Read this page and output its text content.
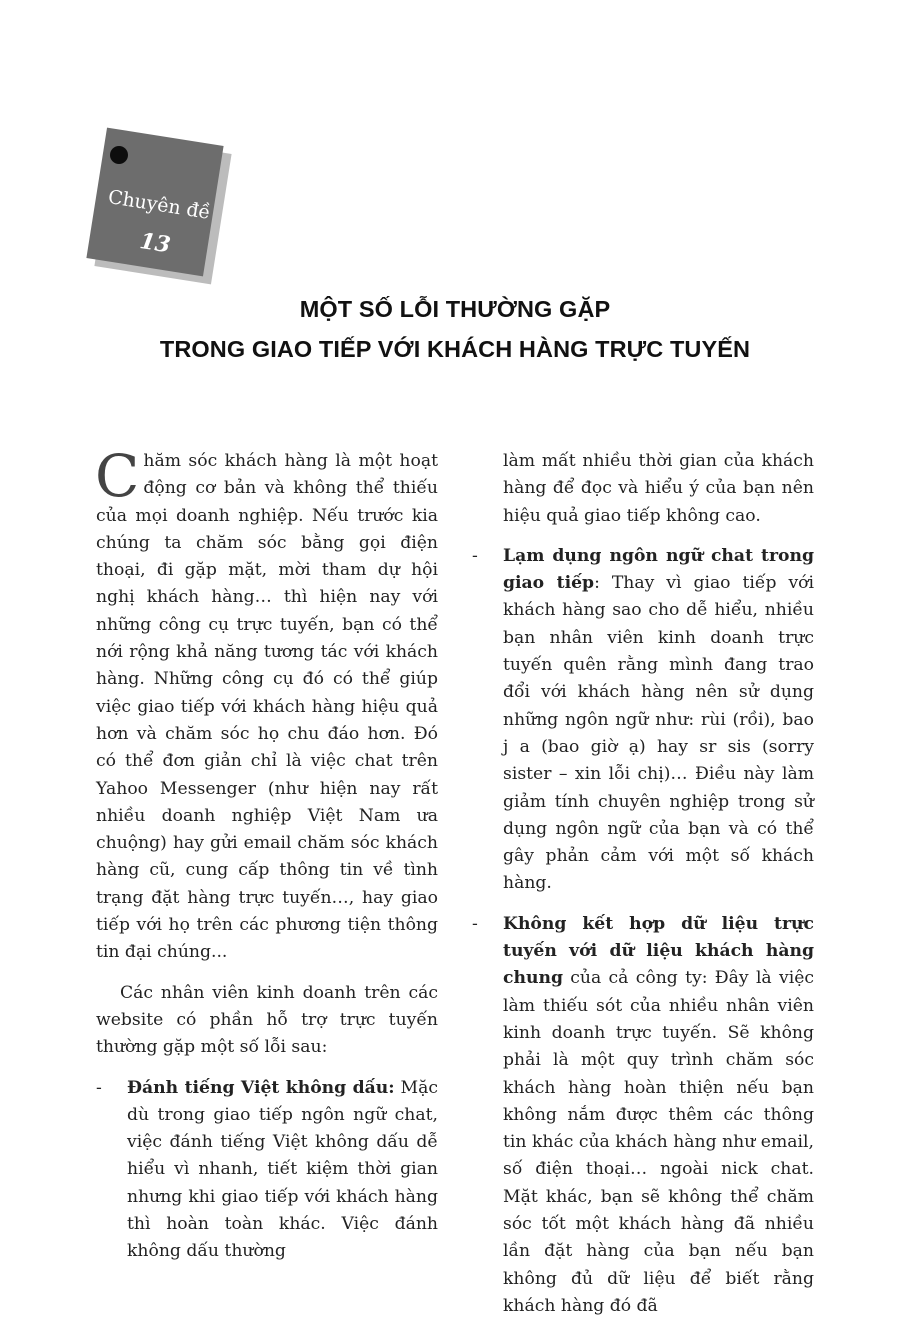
Chuyên đề
13
MỘT SỐ LỖI THƯỜNG GẶP
TRONG GIAO TIẾP VỚI KHÁCH HÀNG TRỰC TUYẾN

Chăm sóc khách hàng là một hoạt động cơ bản và không thể thiếu của mọi doanh nghiệp. Nếu trước kia chúng ta chăm sóc bằng gọi điện thoại, đi gặp mặt, mời tham dự hội nghị khách hàng… thì hiện nay với những công cụ trực tuyến, bạn có thể nới rộng khả năng tương tác với khách hàng. Những công cụ đó có thể giúp việc giao tiếp với khách hàng hiệu quả hơn và chăm sóc họ chu đáo hơn. Đó có thể đơn giản chỉ là việc chat trên Yahoo Messenger (như hiện nay rất nhiều doanh nghiệp Việt Nam ưa chuộng) hay gửi email chăm sóc khách hàng cũ, cung cấp thông tin về tình trạng đặt hàng trực tuyến…, hay giao tiếp với họ trên các phương tiện thông tin đại chúng...

Các nhân viên kinh doanh trên các website có phần hỗ trợ trực tuyến thường gặp một số lỗi sau:

- Đánh tiếng Việt không dấu: Mặc dù trong giao tiếp ngôn ngữ chat, việc đánh tiếng Việt không dấu dễ hiểu vì nhanh, tiết kiệm thời gian nhưng khi giao tiếp với khách hàng thì hoàn toàn khác. Việc đánh không dấu thường

làm mất nhiều thời gian của khách hàng để đọc và hiểu ý của bạn nên hiệu quả giao tiếp không cao.

- Lạm dụng ngôn ngữ chat trong giao tiếp: Thay vì giao tiếp với khách hàng sao cho dễ hiểu, nhiều bạn nhân viên kinh doanh trực tuyến quên rằng mình đang trao đổi với khách hàng nên sử dụng những ngôn ngữ như: rùi (rồi), bao j a (bao giờ ạ) hay sr sis (sorry sister – xin lỗi chị)… Điều này làm giảm tính chuyên nghiệp trong sử dụng ngôn ngữ của bạn và có thể gây phản cảm với một số khách hàng.
- Không kết hợp dữ liệu trực tuyến với dữ liệu khách hàng chung của cả công ty: Đây là việc làm thiếu sót của nhiều nhân viên kinh doanh trực tuyến. Sẽ không phải là một quy trình chăm sóc khách hàng hoàn thiện nếu bạn không nắm được thêm các thông tin khác của khách hàng như email, số điện thoại… ngoài nick chat. Mặt khác, bạn sẽ không thể chăm sóc tốt một khách hàng đã nhiều lần đặt hàng của bạn nếu bạn không đủ dữ liệu để biết rằng khách hàng đó đã
